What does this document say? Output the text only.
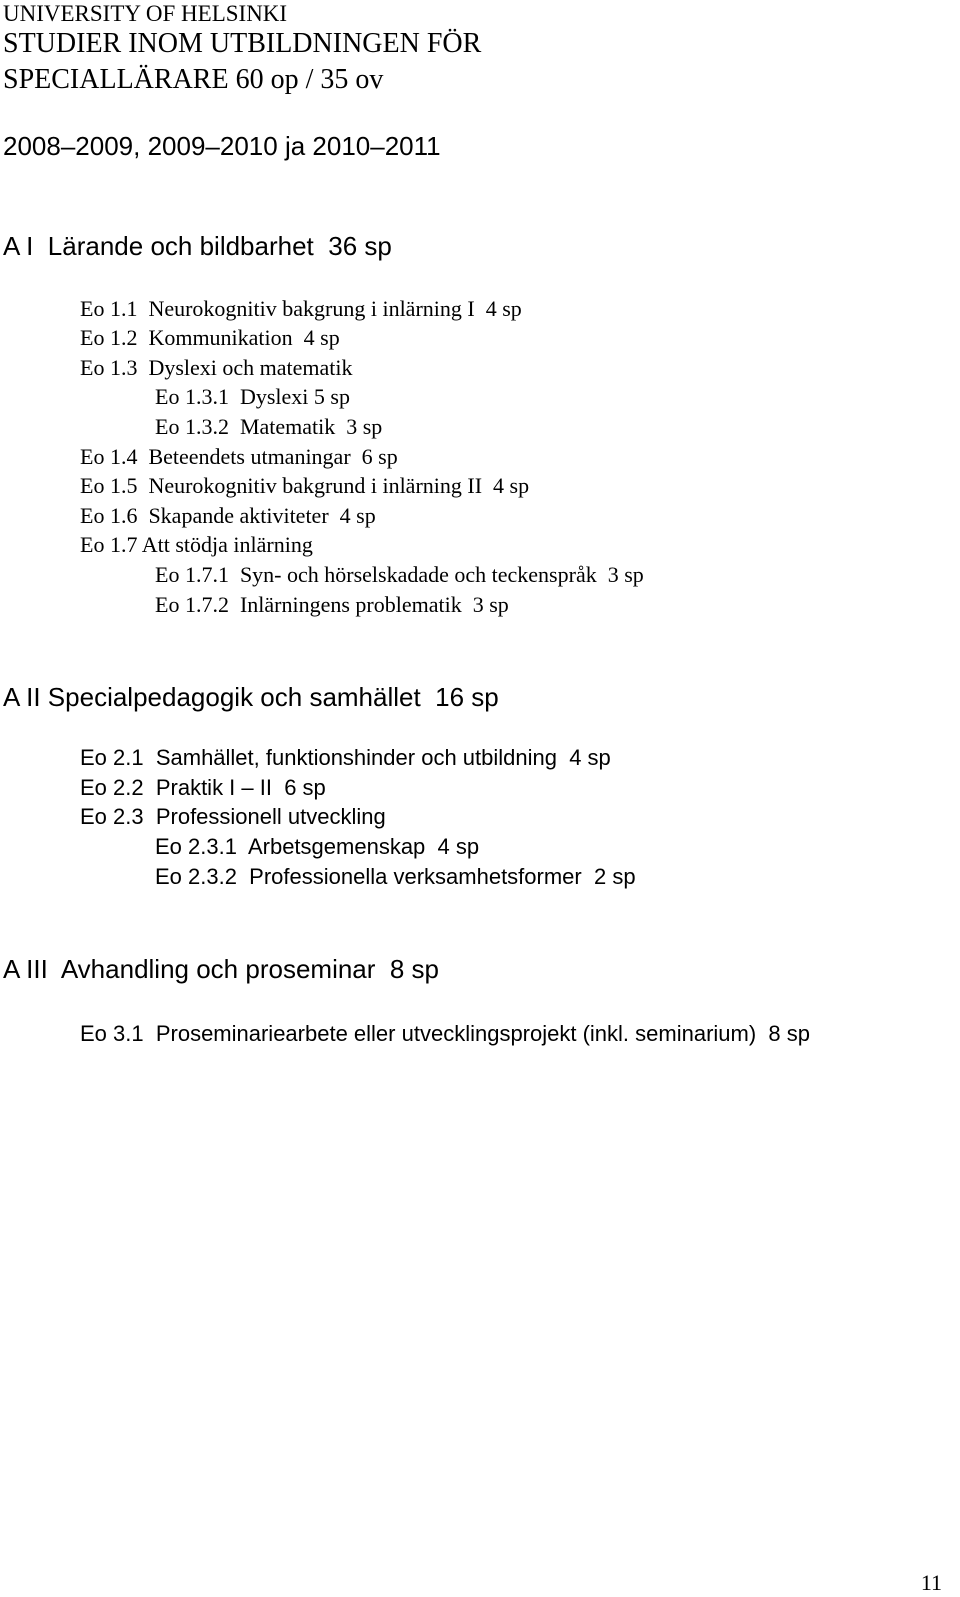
UNIVERSITY OF HELSINKI
STUDIER INOM UTBILDNINGEN FÖR
SPECIALLÄRARE 60 op / 35 ov
2008–2009, 2009–2010 ja 2010–2011
A I  Lärande och bildbarhet  36 sp
Eo 1.1  Neurokognitiv bakgrung i inlärning I  4 sp
Eo 1.2  Kommunikation  4 sp
Eo 1.3  Dyslexi och matematik
Eo 1.3.1  Dyslexi 5 sp
Eo 1.3.2  Matematik  3 sp
Eo 1.4  Beteendets utmaningar  6 sp
Eo 1.5  Neurokognitiv bakgrund i inlärning II  4 sp
Eo 1.6  Skapande aktiviteter  4 sp
Eo 1.7 Att stödja inlärning
Eo 1.7.1  Syn- och hörselskadade och teckenspråk  3 sp
Eo 1.7.2  Inlärningens problematik  3 sp
A II Specialpedagogik och samhället  16 sp
Eo 2.1  Samhället, funktionshinder och utbildning  4 sp
Eo 2.2  Praktik I – II  6 sp
Eo 2.3  Professionell utveckling
Eo 2.3.1  Arbetsgemenskap  4 sp
Eo 2.3.2  Professionella verksamhetsformer  2 sp
A III  Avhandling och proseminar  8 sp
Eo 3.1  Proseminariearbete eller utvecklingsprojekt (inkl. seminarium)  8 sp
11
